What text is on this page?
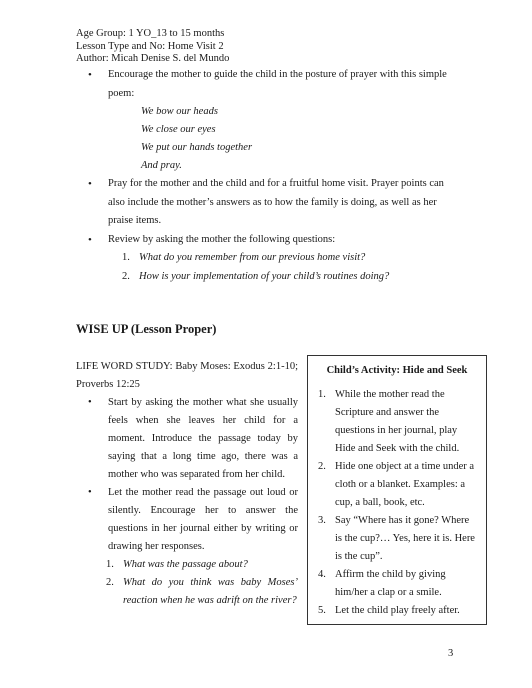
Age Group: 1 YO_13 to 15 months
Lesson Type and No: Home Visit 2
Author: Micah Denise S. del Mundo
• Encourage the mother to guide the child in the posture of prayer with this simple poem:
We bow our heads
We close our eyes
We put our hands together
And pray.
• Pray for the mother and the child and for a fruitful home visit. Prayer points can also include the mother’s answers as to how the family is doing, as well as her praise items.
• Review by asking the mother the following questions:
1. What do you remember from our previous home visit?
2. How is your implementation of your child’s routines doing?
WISE UP (Lesson Proper)
LIFE WORD STUDY: Baby Moses: Exodus 2:1-10; Proverbs 12:25
• Start by asking the mother what she usually feels when she leaves her child for a moment. Introduce the passage today by saying that a long time ago, there was a mother who was separated from her child.
• Let the mother read the passage out loud or silently. Encourage her to answer the questions in her journal either by writing or drawing her responses.
1. What was the passage about?
2. What do you think was baby Moses’ reaction when he was adrift on the river?
Child’s Activity: Hide and Seek
1. While the mother read the Scripture and answer the questions in her journal, play Hide and Seek with the child.
2. Hide one object at a time under a cloth or a blanket. Examples: a cup, a ball, book, etc.
3. Say “Where has it gone? Where is the cup?… Yes, here it is. Here is the cup”.
4. Affirm the child by giving him/her a clap or a smile.
5. Let the child play freely after.
3
